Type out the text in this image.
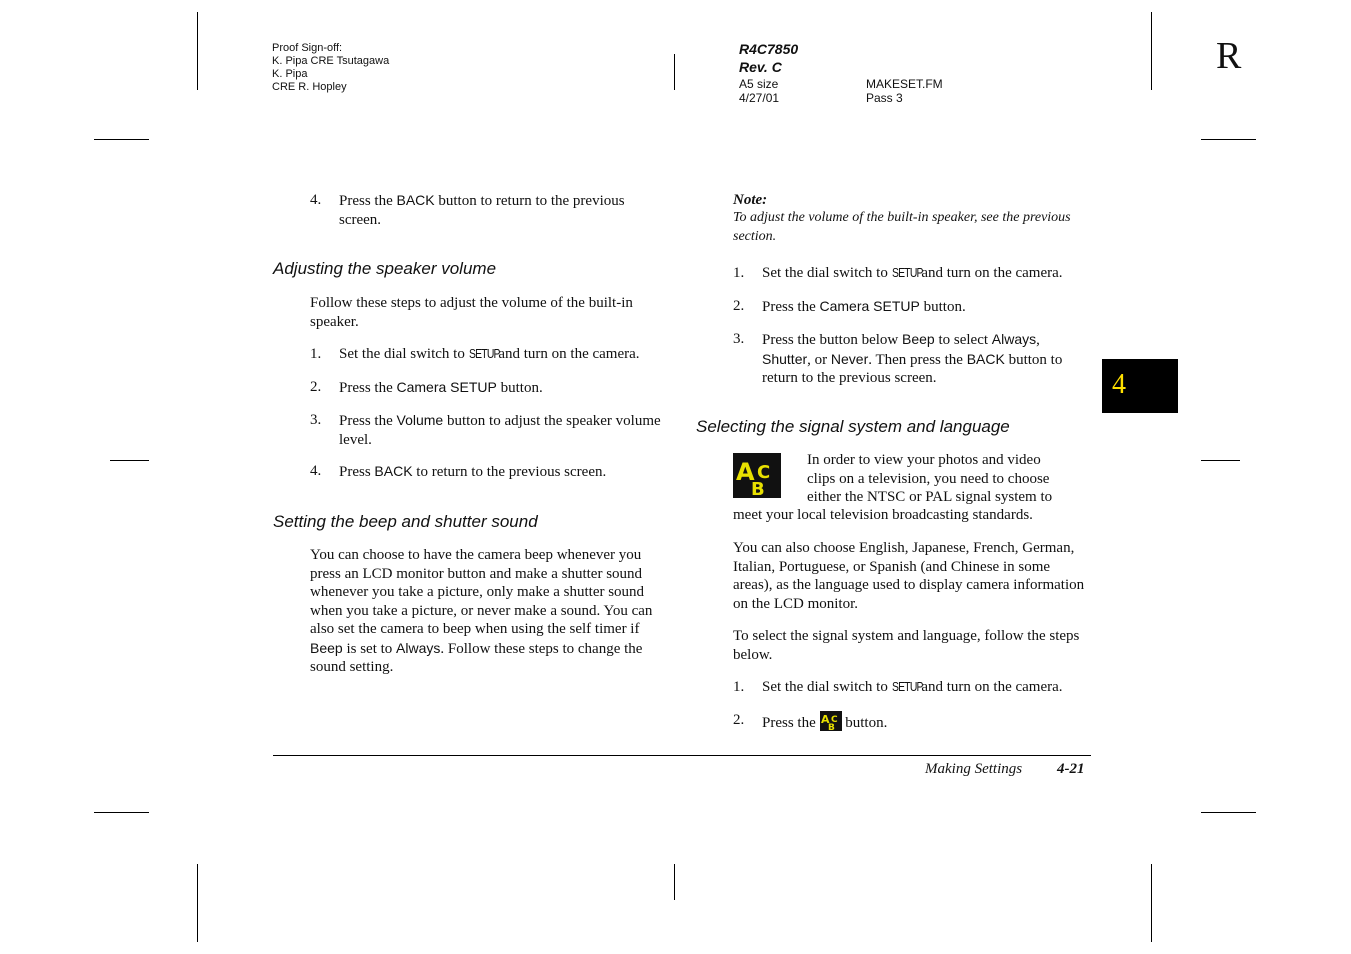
Proof Sign-off:
K. Pipa CRE Tsutagawa
K. Pipa
CRE R. Hopley
R4C7850
Rev. C
A5 size
4/27/01
MAKESET.FM
Pass 3
R
4
4. Press the BACK button to return to the previous screen.
Adjusting the speaker volume
Follow these steps to adjust the volume of the built-in speaker.
1. Set the dial switch to SETUP and turn on the camera.
2. Press the Camera SETUP button.
3. Press the Volume button to adjust the speaker volume level.
4. Press BACK to return to the previous screen.
Setting the beep and shutter sound
You can choose to have the camera beep whenever you press an LCD monitor button and make a shutter sound whenever you take a picture, only make a shutter sound when you take a picture, or never make a sound. You can also set the camera to beep when using the self timer if Beep is set to Always. Follow these steps to change the sound setting.
Note:
To adjust the volume of the built-in speaker, see the previous section.
1. Set the dial switch to SETUP and turn on the camera.
2. Press the Camera SETUP button.
3. Press the button below Beep to select Always, Shutter, or Never. Then press the BACK button to return to the previous screen.
Selecting the signal system and language
A C
B
In order to view your photos and video
clips on a television, you need to choose
either the NTSC or PAL signal system to
meet your local television broadcasting standards.
You can also choose English, Japanese, French, German, Italian, Portuguese, or Spanish (and Chinese in some areas), as the language used to display camera information on the LCD monitor.
To select the signal system and language, follow the steps below.
1. Set the dial switch to SETUP and turn on the camera.
2. Press the A C
B button.
Making Settings 4-21
